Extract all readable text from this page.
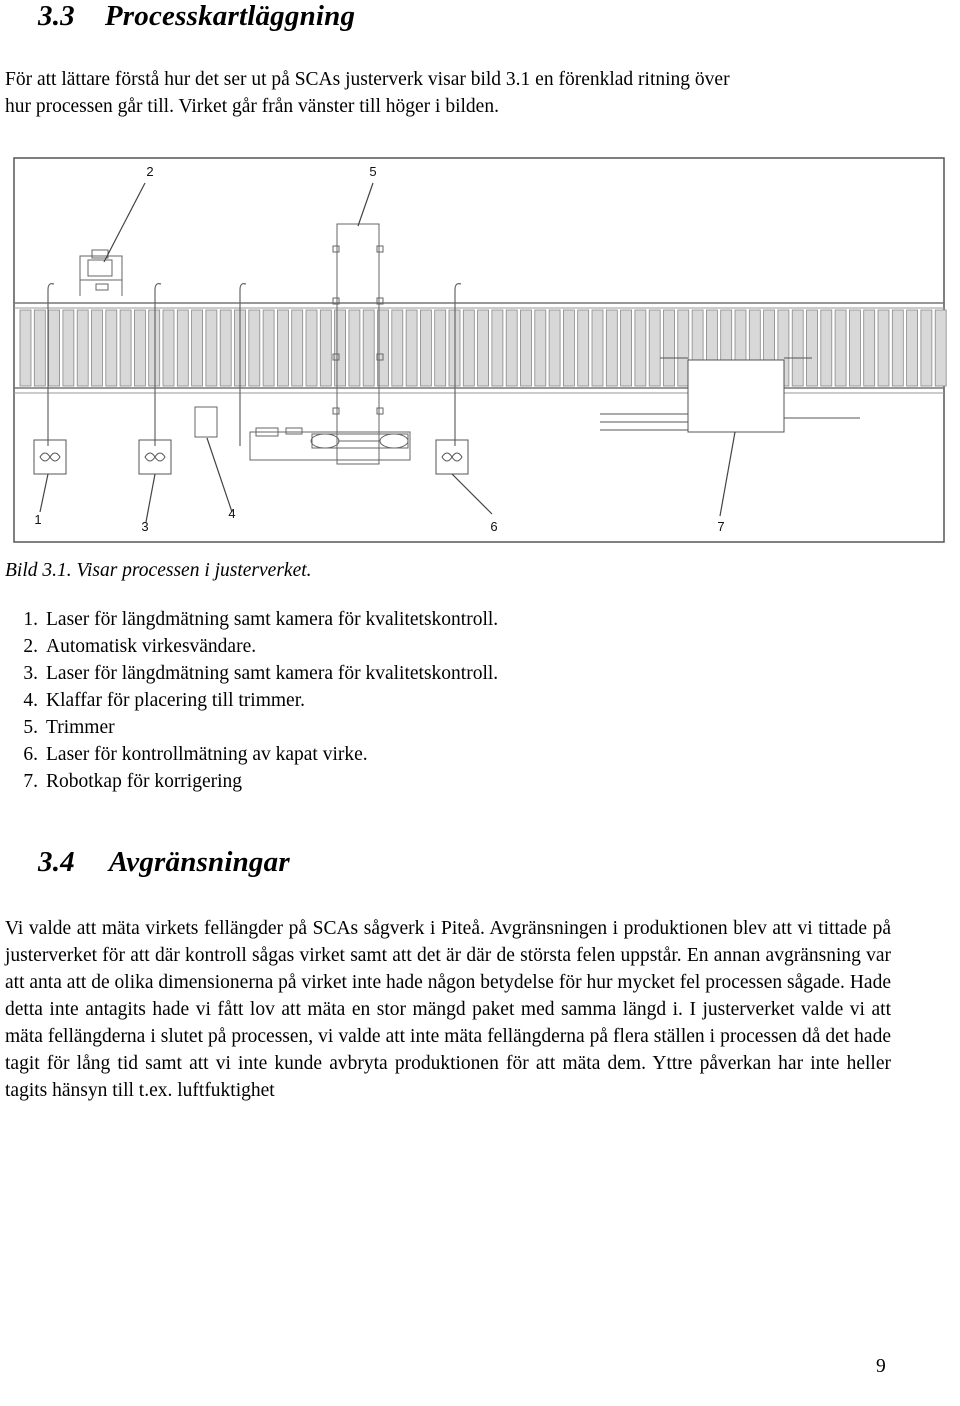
3.3 Processkartläggning
För att lättare förstå hur det ser ut på SCAs justerverk visar bild 3.1 en förenklad ritning över
hur processen går till. Virket går från vänster till höger i bilden.
2	5
1	4
3	6	7
Bild 3.1. Visar processen i justerverket.
1. Laser för längdmätning samt kamera för kvalitetskontroll.
2. Automatisk virkesvändare.
3. Laser för längdmätning samt kamera för kvalitetskontroll.
4. Klaffar för placering till trimmer.
5. Trimmer
6. Laser för kontrollmätning av kapat virke.
7. Robotkap för korrigering
3.4 Avgränsningar
Vi valde att mäta virkets fellängder på SCAs sågverk i Piteå. Avgränsningen i produktionen blev att vi tittade på justerverket för att där kontroll sågas virket samt att det är där de största felen uppstår. En annan avgränsning var att anta att de olika dimensionerna på virket inte hade någon betydelse för hur mycket fel processen sågade. Hade detta inte antagits hade vi fått lov att mäta en stor mängd paket med samma längd i. I justerverket valde vi att mäta fellängderna i slutet på processen, vi valde att inte mäta fellängderna på flera ställen i processen då det hade tagit för lång tid samt att vi inte kunde avbryta produktionen för att mäta dem. Yttre påverkan har inte heller tagits hänsyn till t.ex. luftfuktighet
9
